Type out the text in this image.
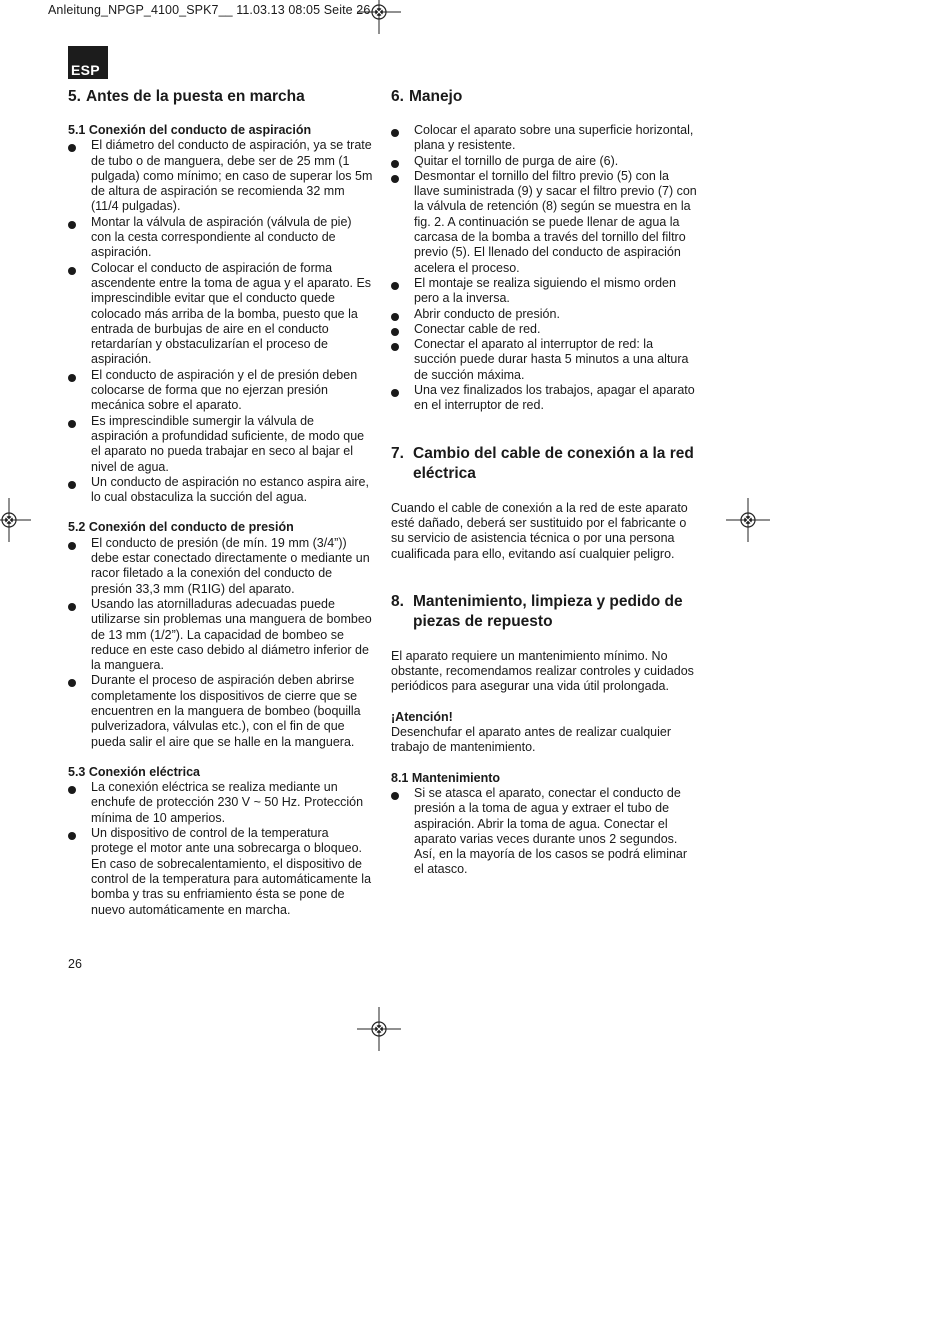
Anleitung_NPGP_4100_SPK7__ 11.03.13 08:05 Seite 26
ESP
5. Antes de la puesta en marcha

5.1 Conexión del conducto de aspiración

El diámetro del conducto de aspiración, ya se trate de tubo o de manguera, debe ser de 25 mm (1 pulgada) como mínimo; en caso de superar los 5m de altura de aspiración se recomienda 32 mm (11/4 pulgadas).
Montar la válvula de aspiración (válvula de pie) con la cesta correspondiente al conducto de aspiración.
Colocar el conducto de aspiración de forma ascendente entre la toma de agua y el aparato. Es imprescindible evitar que el conducto quede colocado más arriba de la bomba, puesto que la entrada de burbujas de aire en el conducto retardarían y obstaculizarían el proceso de aspiración.
El conducto de aspiración y el de presión deben colocarse de forma que no ejerzan presión mecánica sobre el aparato.
Es imprescindible sumergir la válvula de aspiración a profundidad suficiente, de modo que el aparato no pueda trabajar en seco al bajar el nivel de agua.
Un conducto de aspiración no estanco aspira aire, lo cual obstaculiza la succión del agua.

5.2 Conexión del conducto de presión

El conducto de presión (de mín. 19 mm (3/4”)) debe estar conectado directamente o mediante un racor filetado a la conexión del conducto de presión 33,3 mm (R1IG) del aparato.
Usando las atornilladuras adecuadas puede utilizarse sin problemas una manguera de bombeo de 13 mm (1/2”). La capacidad de bombeo se reduce en este caso debido al diámetro inferior de la manguera.
Durante el proceso de aspiración deben abrirse completamente los dispositivos de cierre que se encuentren en la manguera de bombeo (boquilla pulverizadora, válvulas etc.), con el fin de que pueda salir el aire que se halle en la manguera.

5.3 Conexión eléctrica

La conexión eléctrica se realiza mediante un enchufe de protección 230 V ~ 50 Hz. Protección mínima de 10 amperios.
Un dispositivo de control de la temperatura protege el motor ante una sobrecarga o bloqueo. En caso de sobrecalentamiento, el dispositivo de control de la temperatura para automáticamente la bomba y tras su enfriamiento ésta se pone de nuevo automáticamente en marcha.
6. Manejo
Colocar el aparato sobre una superficie horizontal, plana y resistente.
Quitar el tornillo de purga de aire (6).
Desmontar el tornillo del filtro previo (5) con la llave suministrada (9) y sacar el filtro previo (7) con la válvula de retención (8) según se muestra en la fig. 2. A continuación se puede llenar de agua la carcasa de la bomba a través del tornillo del filtro previo (5). El llenado del conducto de aspiración acelera el proceso.
El montaje se realiza siguiendo el mismo orden pero a la inversa.
Abrir conducto de presión.
Conectar cable de red.
Conectar el aparato al interruptor de red: la succión puede durar hasta 5 minutos a una altura de succión máxima.
Una vez finalizados los trabajos, apagar el aparato en el interruptor de red.
7. Cambio del cable de conexión a la red eléctrica

Cuando el cable de conexión a la red de este aparato esté dañado, deberá ser sustituido por el fabricante o su servicio de asistencia técnica o por una persona cualificada para ello, evitando así cualquier peligro.

8. Mantenimiento, limpieza y pedido de piezas de repuesto

El aparato requiere un mantenimiento mínimo. No obstante, recomendamos realizar controles y cuidados periódicos para asegurar una vida útil prolongada.

¡Atención!

Desenchufar el aparato antes de realizar cualquier trabajo de mantenimiento.

8.1 Mantenimiento

Si se atasca el aparato, conectar el conducto de presión a la toma de agua y extraer el tubo de aspiración. Abrir la toma de agua. Conectar el aparato varias veces durante unos 2 segundos. Así, en la mayoría de los casos se podrá eliminar el atasco.
26
